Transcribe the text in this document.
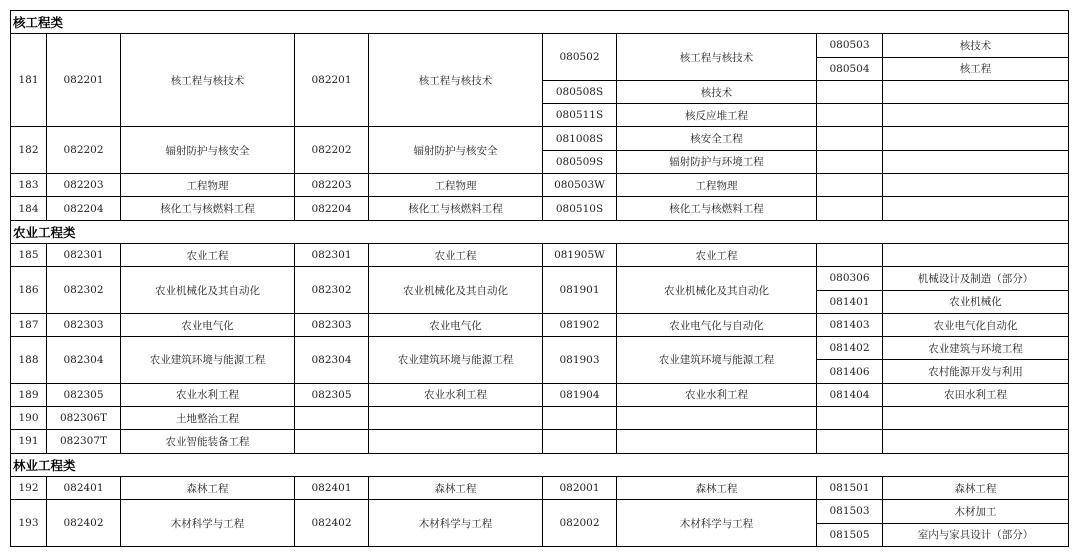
核工程类								
181	082201	核工程与核技术	082201	核工程与核技术	080502	核工程与核技术	080503	核技术
							080504	核工程
					080508S	核技术		
					080511S	核反应堆工程		
182	082202	辐射防护与核安全	082202	辐射防护与核安全	081008S	核安全工程		
					080509S	辐射防护与环境工程		
183	082203	工程物理	082203	工程物理	080503W	工程物理		
184	082204	核化工与核燃料工程	082204	核化工与核燃料工程	080510S	核化工与核燃料工程		
农业工程类								
185	082301	农业工程	082301	农业工程	081905W	农业工程		
186	082302	农业机械化及其自动化	082302	农业机械化及其自动化	081901	农业机械化及其自动化	080306	机械设计及制造（部分）
							081401	农业机械化
187	082303	农业电气化	082303	农业电气化	081902	农业电气化与自动化	081403	农业电气化自动化
188	082304	农业建筑环境与能源工程	082304	农业建筑环境与能源工程	081903	农业建筑环境与能源工程	081402	农业建筑与环境工程
							081406	农村能源开发与利用
189	082305	农业水利工程	082305	农业水利工程	081904	农业水利工程	081404	农田水利工程
190	082306T	土地整治工程						
191	082307T	农业智能装备工程						
林业工程类								
192	082401	森林工程	082401	森林工程	082001	森林工程	081501	森林工程
193	082402	木材科学与工程	082402	木材科学与工程	082002	木材科学与工程	081503	木材加工
							081505	室内与家具设计（部分）
